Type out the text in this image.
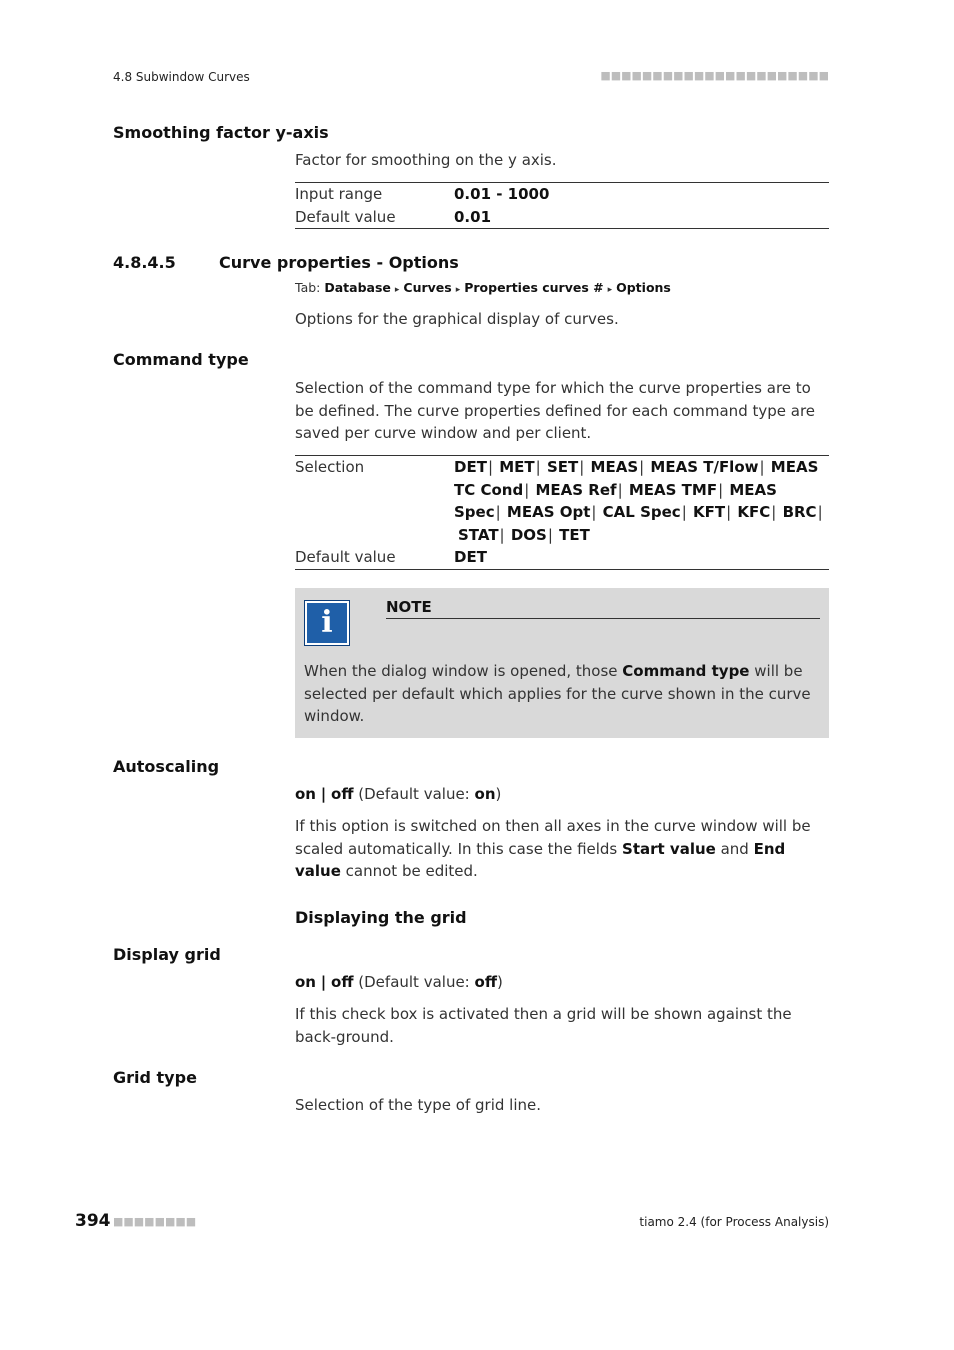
4.8 Subwindow Curves	■■■■■■■■■■■■■■■■■■■■■■
Smoothing factor y-axis
Factor for smoothing on the y axis.
Input range	0.01 - 1000
Default value	0.01
4.8.4.5	Curve properties - Options
Tab: Database ▸ Curves ▸ Properties curves # ▸ Options
Options for the graphical display of curves.
Command type
Selection of the command type for which the curve properties are to be defined. The curve properties defined for each command type are saved per curve window and per client.
Selection	DET| MET| SET| MEAS| MEAS T/Flow| MEAS
TC Cond| MEAS Ref| MEAS TMF| MEAS
Spec| MEAS Opt| CAL Spec| KFT| KFC| BRC|
STAT| DOS| TET
Default value	DET
i	NOTE
When the dialog window is opened, those Command type will be selected per default which applies for the curve shown in the curve window.
Autoscaling
on | off (Default value: on)
If this option is switched on then all axes in the curve window will be scaled automatically. In this case the fields Start value and End value cannot be edited.
Displaying the grid
Display grid
on | off (Default value: off)
If this check box is activated then a grid will be shown against the back-ground.
Grid type
Selection of the type of grid line.
394 ■■■■■■■■	tiamo 2.4 (for Process Analysis)
